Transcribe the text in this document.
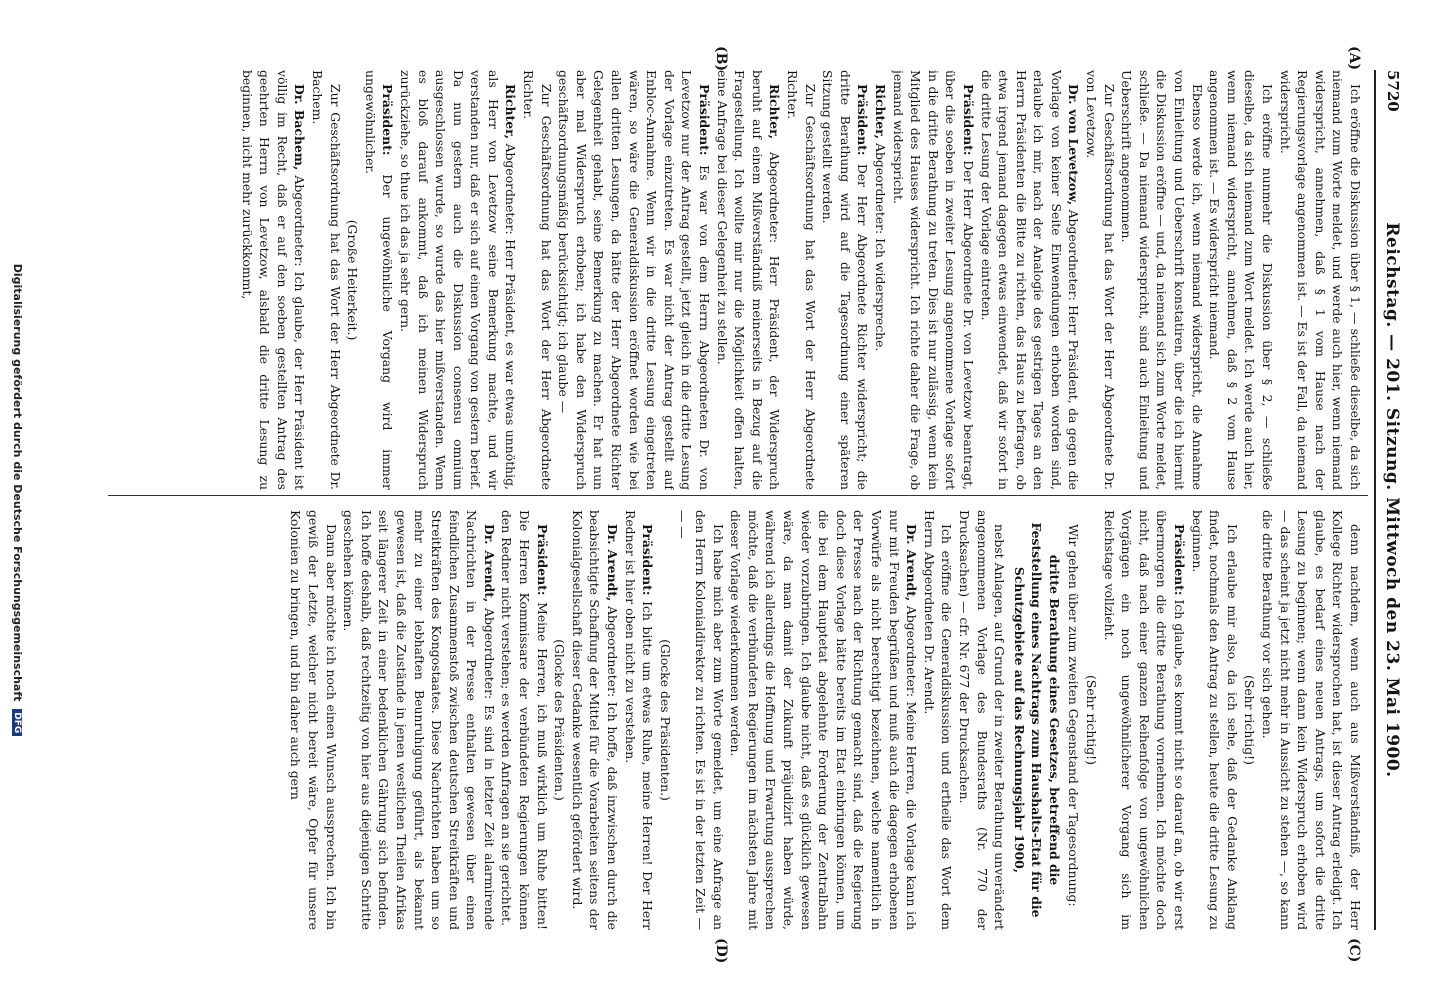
5720
Reichstag. — 201. Sitzung. Mittwoch den 23. Mai 1900.
(A)
(B)
(C)
(D)

Ich eröffne die Diskussion über § 1, — schließe dieselbe, da sich niemand zum Worte meldet, und werde auch hier, wenn niemand widerspricht, annehmen, daß § 1 vom Hause nach der Regierungsvorlage angenommen ist. — Es ist der Fall, da niemand widerspricht.

Ich eröffne nunmehr die Diskussion über § 2, — schließe dieselbe, da sich niemand zum Wort meldet. Ich werde auch hier, wenn niemand widerspricht, annehmen, daß § 2 vom Hause angenommen ist. — Es widerspricht niemand.

Ebenso werde ich, wenn niemand widerspricht, die Annahme von Einleitung und Ueberschrift konstatiren, über die ich hiermit die Diskussion eröffne — und, da niemand sich zum Worte meldet, schließe. — Da niemand widerspricht, sind auch Einleitung und Ueberschrift angenommen.

Zur Geschäftsordnung hat das Wort der Herr Abgeordnete Dr. von Levetzow.

Dr. von Levetzow, Abgeordneter: Herr Präsident, da gegen die Vorlage von keiner Seite Einwendungen erhoben worden sind, erlaube ich mir, nach der Analogie des gestrigen Tages an den Herrn Präsidenten die Bitte zu richten, das Haus zu befragen, ob etwa irgend jemand dagegen etwas einwendet, daß wir sofort in die dritte Lesung der Vorlage eintreten.

Präsident: Der Herr Abgeordnete Dr. von Levetzow beantragt, über die soeben in zweiter Lesung angenommene Vorlage sofort in die dritte Berathung zu treten. Dies ist nur zulässig, wenn kein Mitglied des Hauses widerspricht. Ich richte daher die Frage, ob jemand widerspricht.

Richter, Abgeordneter: Ich widerspreche.

Präsident: Der Herr Abgeordnete Richter widerspricht; die dritte Berathung wird auf die Tagesordnung einer späteren Sitzung gestellt werden.

Zur Geschäftsordnung hat das Wort der Herr Abgeordnete Richter.

Richter, Abgeordneter: Herr Präsident, der Widerspruch beruht auf einem Mißverständniß meinerseits in Bezug auf die Fragestellung. Ich wollte mir nur die Möglichkeit offen halten, eine Anfrage bei dieser Gelegenheit zu stellen.

Präsident: Es war von dem Herrn Abgeordneten Dr. von Levetzow nur der Antrag gestellt, jetzt gleich in die dritte Lesung der Vorlage einzutreten. Es war nicht der Antrag gestellt auf Enbloc-Annahme. Wenn wir in die dritte Lesung eingetreten wären, so wäre die Generaldiskussion eröffnet worden wie bei allen dritten Lesungen, da hätte der Herr Abgeordnete Richter Gelegenheit gehabt, seine Bemerkung zu machen. Er hat nun aber mal Widerspruch erhoben; ich habe den Widerspruch geschäftsordnungsmäßig berücksichtigt; ich glaube —

Zur Geschäftsordnung hat das Wort der Herr Abgeordnete Richter.

Richter, Abgeordneter: Herr Präsident, es war etwas unnöthig, als Herr von Levetzow seine Bemerkung machte, und wir verstanden nur, daß er sich auf einen Vorgang von gestern berief. Da nun gestern auch die Diskussion consensu omnium ausgeschlossen wurde, so wurde das hier mißverstanden. Wenn es bloß darauf ankommt, daß ich meinen Widerspruch zurückziehe, so thue ich das ja sehr gern.

Präsident: Der ungewöhnliche Vorgang wird immer ungewöhnlicher.

(Große Heiterkeit.)

Zur Geschäftsordnung hat das Wort der Herr Abgeordnete Dr. Bachem.

Dr. Bachem, Abgeordneter: Ich glaube, der Herr Präsident ist völlig im Recht, daß er auf den soeben gestellten Antrag des geehrten Herrn von Levetzow, alsbald die dritte Lesung zu beginnen, nicht mehr zurückkommt,

denn nachdem, wenn auch aus Mißverständniß, der Herr Kollege Richter widersprochen hat, ist dieser Antrag erledigt. Ich glaube, es bedarf eines neuen Antrags, um sofort die dritte Lesung zu beginnen; wenn dann kein Widerspruch erhoben wird — das scheint ja jetzt nicht mehr in Aussicht zu stehen —, so kann die dritte Berathung vor sich gehen.

(Sehr richtig!)

Ich erlaube mir also, da ich sehe, daß der Gedanke Anklang findet, nochmals den Antrag zu stellen, heute die dritte Lesung zu beginnen.

Präsident: Ich glaube, es kommt nicht so darauf an, ob wir erst übermorgen die dritte Berathung vornehmen. Ich möchte doch nicht, daß nach einer ganzen Reihenfolge von ungewöhnlichen Vorgängen ein noch ungewöhnlicherer Vorgang sich im Reichstage vollzieht.

(Sehr richtig!)

Wir gehen über zum zweiten Gegenstand der Tagesordnung:

dritte Berathung eines Gesetzes, betreffend die Feststellung eines Nachtrags zum Haushalts-Etat für die Schutzgebiete auf das Rechnungsjahr 1900,

nebst Anlagen, auf Grund der in zweiter Berathung unverändert angenommenen Vorlage des Bundesraths (Nr. 770 der Drucksachen) — cfr. Nr. 677 der Drucksachen.

Ich eröffne die Generaldiskussion und ertheile das Wort dem Herrn Abgeordneten Dr. Arendt.

Dr. Arendt, Abgeordneter: Meine Herren, die Vorlage kann ich nur mit Freuden begrüßen und muß auch die dagegen erhobenen Vorwürfe als nicht berechtigt bezeichnen, welche namentlich in der Presse nach der Richtung gemacht sind, daß die Regierung doch diese Vorlage hätte bereits im Etat einbringen können, um die bei dem Hauptetat abgelehnte Forderung der Zentralbahn wieder vorzubringen. Ich glaube nicht, daß es glücklich gewesen wäre, da man damit der Zukunft präjudizirt haben würde, während ich allerdings die Hoffnung und Erwartung aussprechen möchte, daß die verbündeten Regierungen im nächsten Jahre mit dieser Vorlage wiederkommen werden.

Ich habe mich aber zum Worte gemeldet, um eine Anfrage an den Herrn Kolonialdirektor zu richten. Es ist in der letzten Zeit — — —

(Glocke des Präsidenten.)

Präsident: Ich bitte um etwas Ruhe, meine Herren! Der Herr Redner ist hier oben nicht zu verstehen.

Dr. Arendt, Abgeordneter: Ich hoffe, daß inzwischen durch die beabsichtigte Schaffung der Mittel für die Vorarbeiten seitens der Kolonialgesellschaft dieser Gedanke wesentlich gefördert wird.

(Glocke des Präsidenten.)

Präsident: Meine Herren, ich muß wirklich um Ruhe bitten! Die Herren Kommissare der verbündeten Regierungen können den Redner nicht verstehen; es werden Anfragen an sie gerichtet.

Dr. Arendt, Abgeordneter: Es sind in letzter Zeit alarmirende Nachrichten in der Presse enthalten gewesen über einen feindlichen Zusammenstoß zwischen deutschen Streitkräften und Streitkräften des Kongostaates. Diese Nachrichten haben um so mehr zu einer lebhaften Beunruhigung geführt, als bekannt gewesen ist, daß die Zustände in jenen westlichen Theilen Afrikas seit längerer Zeit in einer bedenklichen Gährung sich befinden. Ich hoffe deshalb, daß rechtzeitig von hier aus diejenigen Schritte geschehen können.

Dann aber möchte ich noch einen Wunsch aussprechen. Ich bin gewiß der Letzte, welcher nicht bereit wäre, Opfer für unsere Kolonien zu bringen, und bin daher auch gern

Digitalisierung gefördert durch die Deutsche Forschungsgemeinschaft DFG
